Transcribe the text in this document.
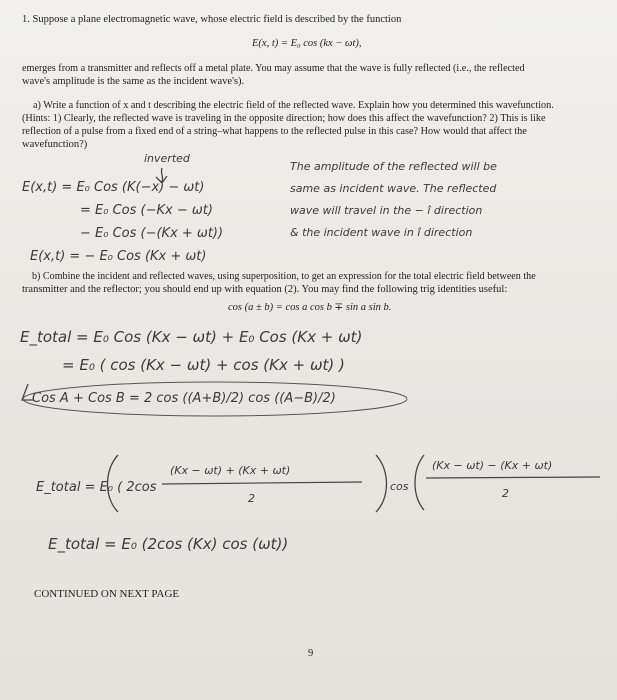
1. Suppose a plane electromagnetic wave, whose electric field is described by the function
E(x, t) = E₀ cos (kx − ωt),
emerges from a transmitter and reflects off a metal plate. You may assume that the wave is fully reflected (i.e., the reflected
wave's amplitude is the same as the incident wave's).
a) Write a function of x and t describing the electric field of the reflected wave. Explain how you determined this wavefunction.
(Hints: 1) Clearly, the reflected wave is traveling in the opposite direction; how does this affect the wavefunction? 2) This is like
reflection of a pulse from a fixed end of a string–what happens to the reflected pulse in this case? How would that affect the
wavefunction?)
b) Combine the incident and reflected waves, using superposition, to get an expression for the total electric field between the
transmitter and the reflector; you should end up with equation (2). You may find the following trig identities useful:
cos (a ± b) = cos a cos b ∓ sin a sin b.
CONTINUED ON NEXT PAGE
9
inverted
E(x,t) = E₀ Cos (K(−x) − ωt)
= E₀ Cos (−Kx − ωt)
− E₀ Cos (−(Kx + ωt))
E(x,t) = − E₀ Cos (Kx + ωt)
The amplitude of the reflected will be
same as incident wave. The reflected
wave will travel in the − î direction
& the incident wave in î direction
E_total = E₀ Cos (Kx − ωt) + E₀ Cos (Kx + ωt)
= E₀ ( cos (Kx − ωt) + cos (Kx + ωt) )
Cos A + Cos B = 2 cos ((A+B)/2) cos ((A−B)/2)
E_total = E₀ ( 2cos
(Kx − ωt) + (Kx + ωt)
2
cos
(Kx − ωt) − (Kx + ωt)
2
E_total = E₀ (2cos (Kx) cos (ωt))
